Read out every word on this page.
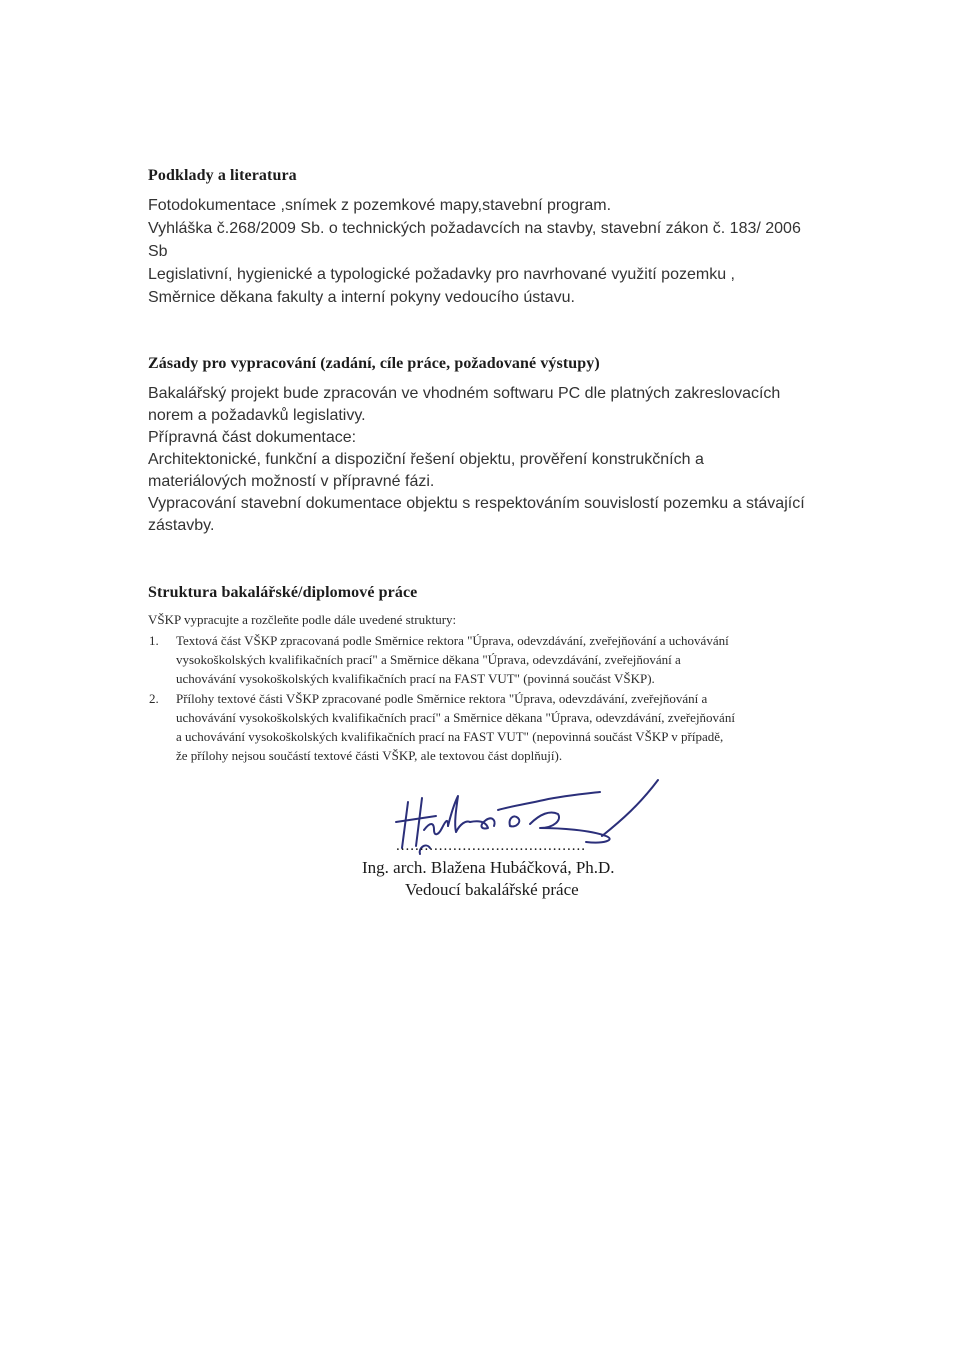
Podklady a literatura
Fotodokumentace ,snímek z pozemkové mapy,stavební program.
Vyhláška č.268/2009 Sb. o technických požadavcích na stavby, stavební zákon č. 183/ 2006
Sb
Legislativní, hygienické a typologické požadavky pro navrhované využití pozemku ,
Směrnice děkana fakulty a interní pokyny vedoucího ústavu.
Zásady pro vypracování (zadání, cíle práce, požadované výstupy)
Bakalářský projekt bude zpracován ve vhodném softwaru PC dle platných zakreslovacích
norem a požadavků legislativy.
Přípravná část dokumentace:
Architektonické, funkční a dispoziční řešení objektu, prověření konstrukčních a
materiálových možností v přípravné fázi.
Vypracování stavební dokumentace objektu s respektováním souvislostí pozemku a stávající
zástavby.
Struktura bakalářské/diplomové práce
VŠKP vypracujte a rozčleňte podle dále uvedené struktury:
1. Textová část VŠKP zpracovaná podle Směrnice rektora "Úprava, odevzdávání, zveřejňování a uchovávání
vysokoškolských kvalifikačních prací" a Směrnice děkana "Úprava, odevzdávání, zveřejňování a
uchovávání vysokoškolských kvalifikačních prací na FAST VUT" (povinná součást VŠKP).
2. Přílohy textové části VŠKP zpracované podle Směrnice rektora "Úprava, odevzdávání, zveřejňování a
uchovávání vysokoškolských kvalifikačních prací" a Směrnice děkana "Úprava, odevzdávání, zveřejňování
a uchovávání vysokoškolských kvalifikačních prací na FAST VUT" (nepovinná součást VŠKP v případě,
že přílohy nejsou součástí textové části VŠKP, ale textovou část doplňují).
........................................
Ing. arch. Blažena Hubáčková, Ph.D.
Vedoucí bakalářské práce
